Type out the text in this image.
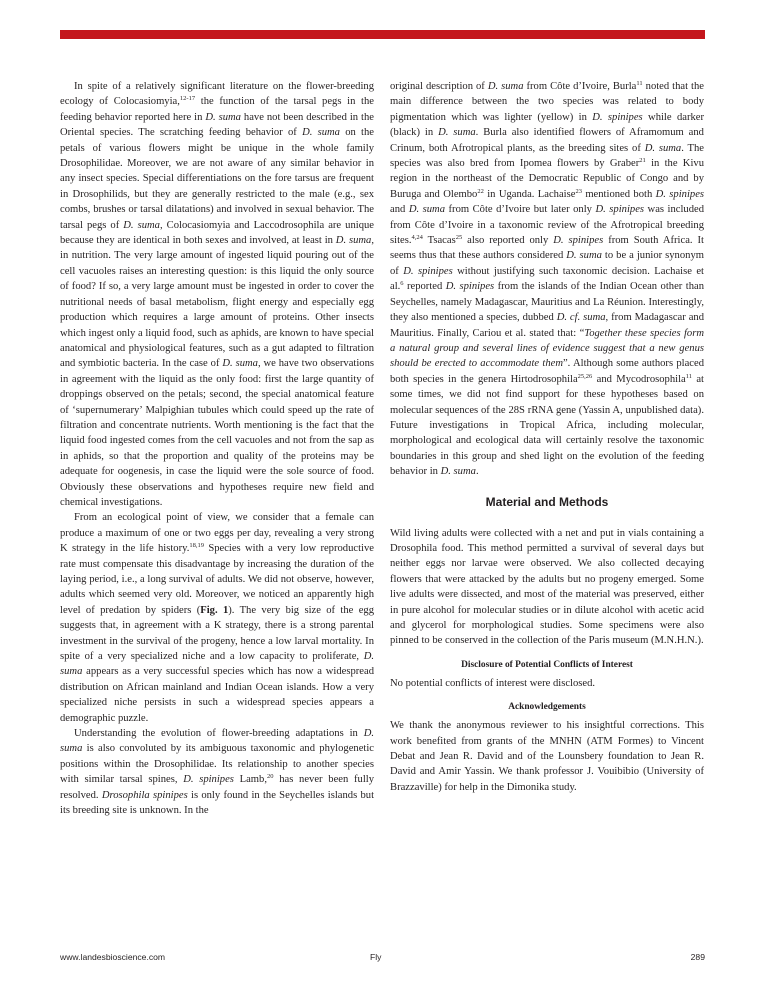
In spite of a relatively significant literature on the flower-breeding ecology of Colocasiomyia,$^{12-17}$ the function of the tarsal pegs in the feeding behavior reported here in D. suma have not been described in the Oriental species. The scratching feeding behavior of D. suma on the petals of various flowers might be unique in the whole family Drosophilidae. Moreover, we are not aware of any similar behavior in any insect species. Special differentiations on the fore tarsus are frequent in Drosophilids, but they are generally restricted to the male (e.g., sex combs, brushes or tarsal dilatations) and involved in sexual behavior. The tarsal pegs of D. suma, Colocasiomyia and Laccodrosophila are unique because they are identical in both sexes and involved, at least in D. suma, in nutrition. The very large amount of ingested liquid pouring out of the cell vacuoles raises an interesting question: is this liquid the only source of food? If so, a very large amount must be ingested in order to cover the nutritional needs of basal metabolism, flight energy and especially egg production which requires a large amount of proteins. Other insects which ingest only a liquid food, such as aphids, are known to have special anatomical and physiological features, such as a gut adapted to filtration and symbiotic bacteria. In the case of D. suma, we have two observations in agreement with the liquid as the only food: first the large quantity of droppings observed on the petals; second, the special anatomical feature of ‘supernumerary’ Malpighian tubules which could speed up the rate of filtration and concentrate nutrients. Worth mentioning is the fact that the liquid food ingested comes from the cell vacuoles and not from the sap as in aphids, so that the proportion and quality of the proteins may be adequate for oogenesis, in case the liquid were the sole source of food. Obviously these observations and hypotheses require new field and chemical investigations.

From an ecological point of view, we consider that a female can produce a maximum of one or two eggs per day, revealing a very strong K strategy in the life history.$^{18,19}$ Species with a very low reproductive rate must compensate this disadvantage by increasing the duration of the laying period, i.e., a long survival of adults. We did not observe, however, adults which seemed very old. Moreover, we noticed an apparently high level of predation by spiders (Fig. 1). The very big size of the egg suggests that, in agreement with a K strategy, there is a strong parental investment in the survival of the progeny, hence a low larval mortality. In spite of a very specialized niche and a low capacity to proliferate, D. suma appears as a very successful species which has now a widespread distribution on African mainland and Indian Ocean islands. How a very specialized niche persists in such a widespread species appears a demographic puzzle.

Understanding the evolution of flower-breeding adaptations in D. suma is also convoluted by its ambiguous taxonomic and phylogenetic positions within the Drosophilidae. Its relationship to another species with similar tarsal spines, D. spinipes Lamb,$^{20}$ has never been fully resolved. Drosophila spinipes is only found in the Seychelles islands but its breeding site is unknown. In the

original description of D. suma from Côte d’Ivoire, Burla$^{11}$ noted that the main difference between the two species was related to body pigmentation which was lighter (yellow) in D. spinipes while darker (black) in D. suma. Burla also identified flowers of Aframomum and Crinum, both Afrotropical plants, as the breeding sites of D. suma. The species was also bred from Ipomea flowers by Graber$^{21}$ in the Kivu region in the northeast of the Democratic Republic of Congo and by Buruga and Olembo$^{22}$ in Uganda. Lachaise$^{23}$ mentioned both D. spinipes and D. suma from Côte d’Ivoire but later only D. spinipes was included from Côte d’Ivoire in a taxonomic review of the Afrotropical breeding sites.$^{4,24}$ Tsacas$^{25}$ also reported only D. spinipes from South Africa. It seems thus that these authors considered D. suma to be a junior synonym of D. spinipes without justifying such taxonomic decision. Lachaise et al.$^6$ reported D. spinipes from the islands of the Indian Ocean other than Seychelles, namely Madagascar, Mauritius and La Réunion. Interestingly, they also mentioned a species, dubbed D. cf. suma, from Madagascar and Mauritius. Finally, Cariou et al. stated that: “Together these species form a natural group and several lines of evidence suggest that a new genus should be erected to accommodate them”. Although some authors placed both species in the genera Hirtodrosophila$^{25,26}$ and Mycodrosophila$^{11}$ at some times, we did not find support for these hypotheses based on molecular sequences of the 28S rRNA gene (Yassin A, unpublished data). Future investigations in Tropical Africa, including molecular, morphological and ecological data will certainly resolve the taxonomic boundaries in this group and shed light on the evolution of the feeding behavior in D. suma.

Material and Methods

Wild living adults were collected with a net and put in vials containing a Drosophila food. This method permitted a survival of several days but neither eggs nor larvae were observed. We also collected decaying flowers that were attacked by the adults but no progeny emerged. Some live adults were dissected, and most of the material was preserved, either in pure alcohol for molecular studies or in dilute alcohol with acetic acid and glycerol for morphological studies. Some specimens were also pinned to be conserved in the collection of the Paris museum (M.N.H.N.).

Disclosure of Potential Conflicts of Interest

No potential conflicts of interest were disclosed.

Acknowledgements

We thank the anonymous reviewer to his insightful corrections. This work benefited from grants of the MNHN (ATM Formes) to Vincent Debat and Jean R. David and of the Lounsbery foundation to Jean R. David and Amir Yassin. We thank professor J. Vouibibio (University of Brazzaville) for help in the Dimonika study.

www.landesbioscience.com	Fly	289
